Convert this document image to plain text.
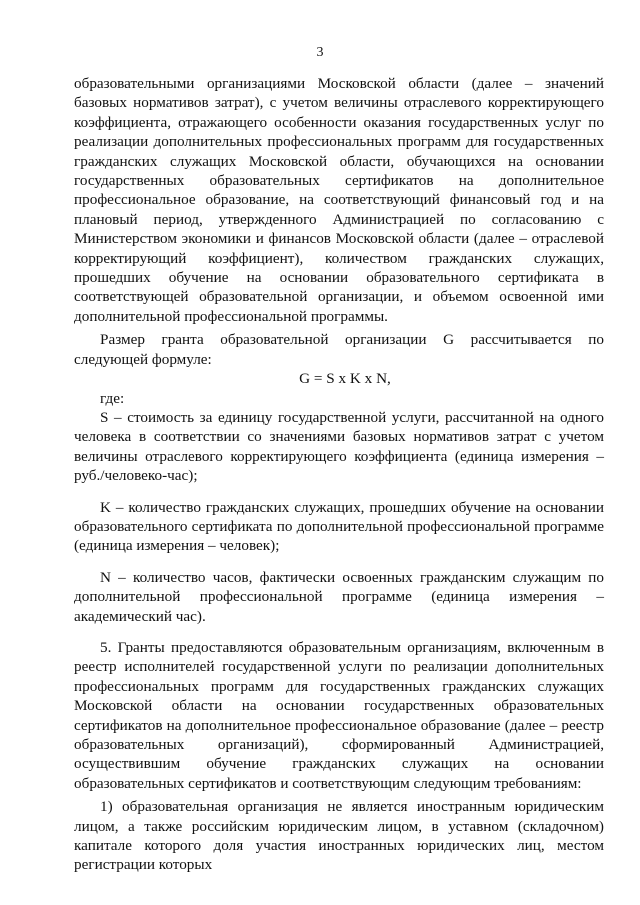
3

образовательными организациями Московской области (далее – значений базовых нормативов затрат), с учетом величины отраслевого корректирующего коэффициента, отражающего особенности оказания государственных услуг по реализации дополнительных профессиональных программ для государственных гражданских служащих Московской области, обучающихся на основании государственных образовательных сертификатов на дополнительное профессиональное образование, на соответствующий финансовый год и на плановый период, утвержденного Администрацией по согласованию с Министерством экономики и финансов Московской области (далее – отраслевой корректирующий коэффициент), количеством гражданских служащих, прошедших обучение на основании образовательного сертификата в соответствующей образовательной организации, и объемом освоенной ими дополнительной профессиональной программы.

Размер гранта образовательной организации G рассчитывается по следующей формуле:

G = S x K x N,

где:

S – стоимость за единицу государственной услуги, рассчитанной на одного человека в соответствии со значениями базовых нормативов затрат с учетом величины отраслевого корректирующего коэффициента (единица измерения – руб./человеко-час);

K – количество гражданских служащих, прошедших обучение на основании образовательного сертификата по дополнительной профессиональной программе (единица измерения – человек);

N – количество часов, фактически освоенных гражданским служащим по дополнительной профессиональной программе (единица измерения – академический час).

5. Гранты предоставляются образовательным организациям, включенным в реестр исполнителей государственной услуги по реализации дополнительных профессиональных программ для государственных гражданских служащих Московской области на основании государственных образовательных сертификатов на дополнительное профессиональное образование (далее – реестр образовательных организаций), сформированный Администрацией, осуществившим обучение гражданских служащих на основании образовательных сертификатов и соответствующим следующим требованиям:

1) образовательная организация не является иностранным юридическим лицом, а также российским юридическим лицом, в уставном (складочном) капитале которого доля участия иностранных юридических лиц, местом регистрации которых
